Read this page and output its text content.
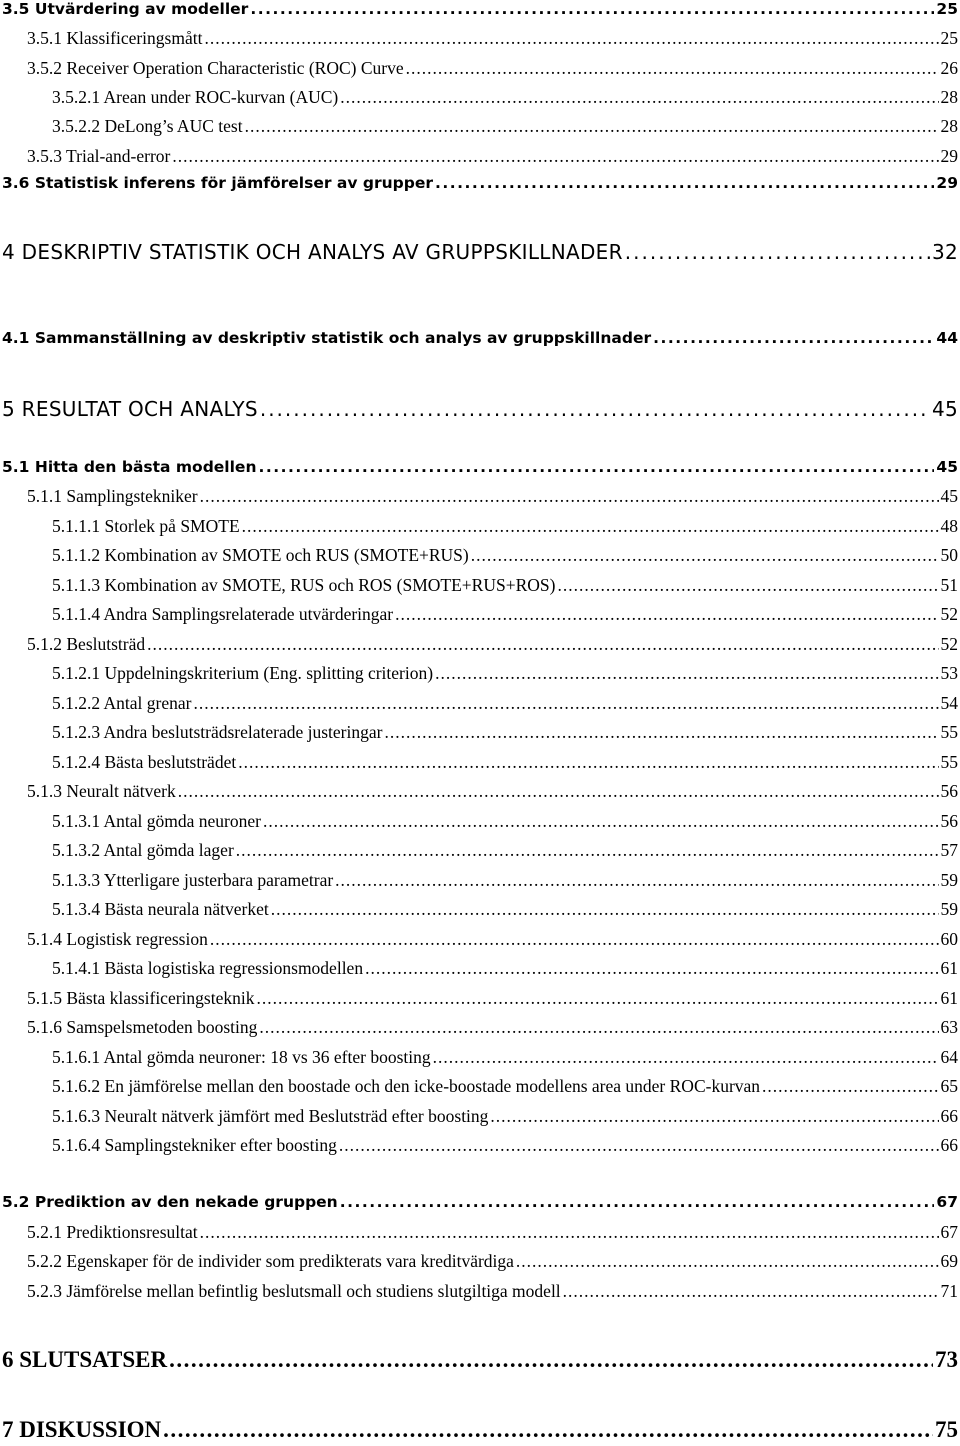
3.5 Utvärdering av modeller .....	25
3.5.1 Klassificeringsmått .....	25
3.5.2 Receiver Operation Characteristic (ROC) Curve .....	26
3.5.2.1 Arean under ROC-kurvan (AUC) .....	28
3.5.2.2 DeLong’s AUC test .....	28
3.5.3 Trial-and-error .....	29
3.6 Statistisk inferens för jämförelser av grupper .....	29
4 DESKRIPTIV STATISTIK OCH ANALYS AV GRUPPSKILLNADER .....	32
4.1 Sammanställning av deskriptiv statistik och analys av gruppskillnader .....	44
5 RESULTAT OCH ANALYS .....	45
5.1 Hitta den bästa modellen .....	45
5.1.1 Samplingstekniker .....	45
5.1.1.1 Storlek på SMOTE .....	48
5.1.1.2 Kombination av SMOTE och RUS (SMOTE+RUS) .....	50
5.1.1.3 Kombination av SMOTE, RUS och ROS (SMOTE+RUS+ROS) .....	51
5.1.1.4 Andra Samplingsrelaterade utvärderingar .....	52
5.1.2 Beslutsträd .....	52
5.1.2.1 Uppdelningskriterium (Eng. splitting criterion) .....	53
5.1.2.2 Antal grenar .....	54
5.1.2.3 Andra beslutsträdsrelaterade justeringar .....	55
5.1.2.4 Bästa beslutsträdet .....	55
5.1.3 Neuralt nätverk .....	56
5.1.3.1 Antal gömda neuroner .....	56
5.1.3.2 Antal gömda lager .....	57
5.1.3.3 Ytterligare justerbara parametrar .....	59
5.1.3.4 Bästa neurala nätverket .....	59
5.1.4 Logistisk regression .....	60
5.1.4.1 Bästa logistiska regressionsmodellen .....	61
5.1.5 Bästa klassificeringsteknik .....	61
5.1.6 Samspelsmetoden boosting .....	63
5.1.6.1 Antal gömda neuroner: 18 vs 36 efter boosting .....	64
5.1.6.2 En jämförelse mellan den boostade och den icke-boostade modellens area under ROC-kurvan .....	65
5.1.6.3 Neuralt nätverk jämfört med Beslutsträd efter boosting .....	66
5.1.6.4 Samplingstekniker efter boosting .....	66
5.2 Prediktion av den nekade gruppen .....	67
5.2.1 Prediktionsresultat .....	67
5.2.2 Egenskaper för de individer som predikterats vara kreditvärdiga .....	69
5.2.3 Jämförelse mellan befintlig beslutsmall och studiens slutgiltiga modell .....	71
6 SLUTSATSER .....	73
7 DISKUSSION .....	75
